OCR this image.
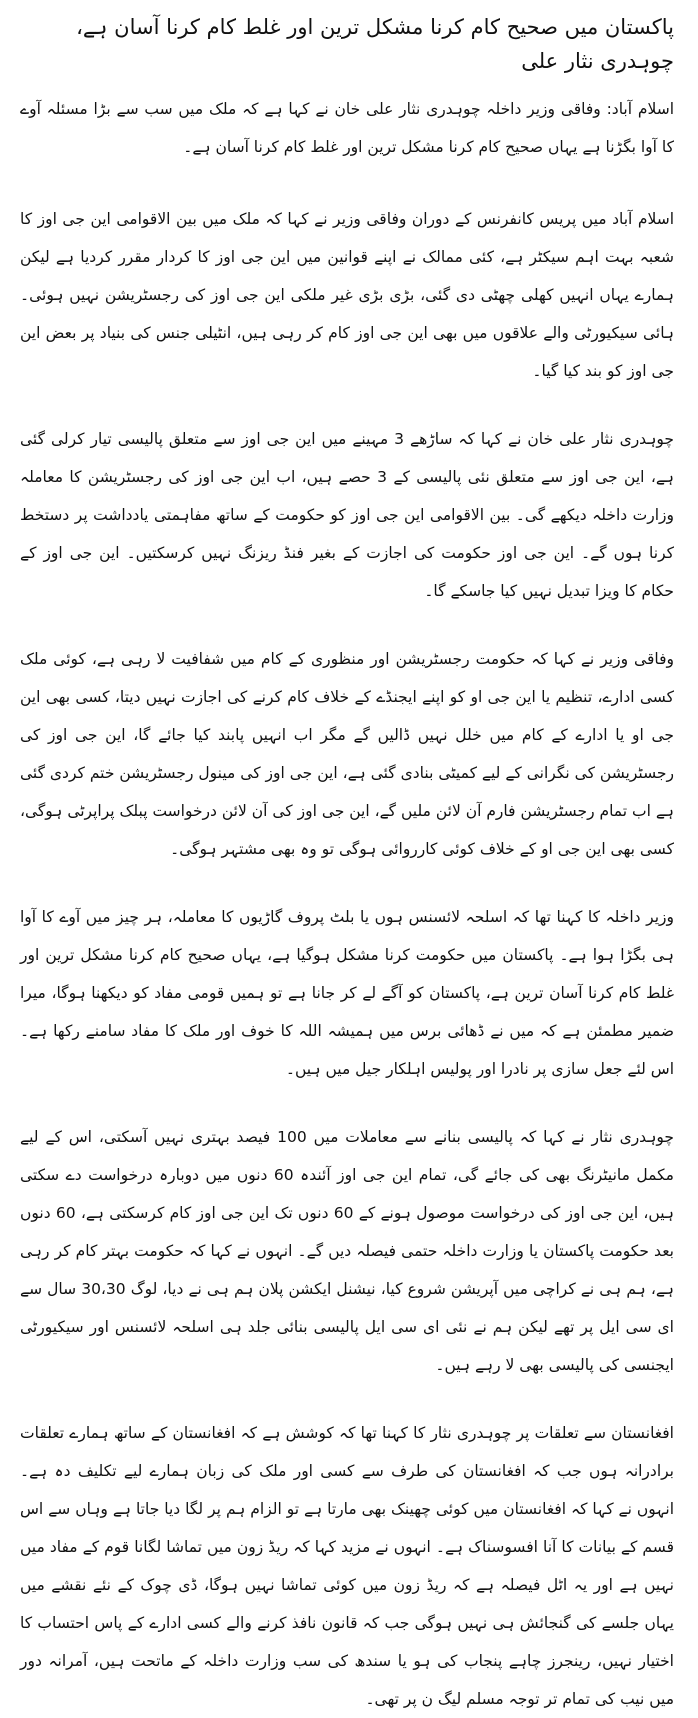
پاکستان میں صحیح کام کرنا مشکل ترین اور غلط کام کرنا آسان ہے، چوہدری نثار علی

اسلام آباد: وفاقی وزیر داخلہ چوہدری نثار علی خان نے کہا ہے کہ ملک میں سب سے بڑا مسئلہ آوے کا آوا بگڑنا ہے یہاں صحیح کام کرنا مشکل ترین اور غلط کام کرنا آسان ہے۔

اسلام آباد میں پریس کانفرنس کے دوران وفاقی وزیر نے کہا کہ ملک میں بین الاقوامی این جی اوز کا شعبہ بہت اہم سیکٹر ہے، کئی ممالک نے اپنے قوانین میں این جی اوز کا کردار مقرر کردیا ہے لیکن ہمارے یہاں انہیں کھلی چھٹی دی گئی، بڑی بڑی غیر ملکی این جی اوز کی رجسٹریشن نہیں ہوئی۔ ہائی سیکیورٹی والے علاقوں میں بھی این جی اوز کام کر رہی ہیں، انٹیلی جنس کی بنیاد پر بعض این جی اوز کو بند کیا گیا۔

چوہدری نثار علی خان نے کہا کہ ساڑھے 3 مہینے میں این جی اوز سے متعلق پالیسی تیار کرلی گئی ہے، این جی اوز سے متعلق نئی پالیسی کے 3 حصے ہیں، اب این جی اوز کی رجسٹریشن کا معاملہ وزارت داخلہ دیکھے گی۔ بین الاقوامی این جی اوز کو حکومت کے ساتھ مفاہمتی یادداشت پر دستخط کرنا ہوں گے۔ این جی اوز حکومت کی اجازت کے بغیر فنڈ ریزنگ نہیں کرسکتیں۔ این جی اوز کے حکام کا ویزا تبدیل نہیں کیا جاسکے گا۔

وفاقی وزیر نے کہا کہ حکومت رجسٹریشن اور منظوری کے کام میں شفافیت لا رہی ہے، کوئی ملک کسی ادارے، تنظیم یا این جی او کو اپنے ایجنڈے کے خلاف کام کرنے کی اجازت نہیں دیتا، کسی بھی این جی او یا ادارے کے کام میں خلل نہیں ڈالیں گے مگر اب انہیں پابند کیا جائے گا، این جی اوز کی رجسٹریشن کی نگرانی کے لیے کمیٹی بنادی گئی ہے، این جی اوز کی مینول رجسٹریشن ختم کردی گئی ہے اب تمام رجسٹریشن فارم آن لائن ملیں گے، این جی اوز کی آن لائن درخواست پبلک پراپرٹی ہوگی، کسی بھی این جی او کے خلاف کوئی کارروائی ہوگی تو وہ بھی مشتہر ہوگی۔

وزیر داخلہ کا کہنا تھا کہ اسلحہ لائسنس ہوں یا بلٹ پروف گاڑیوں کا معاملہ، ہر چیز میں آوے کا آوا ہی بگڑا ہوا ہے۔ پاکستان میں حکومت کرنا مشکل ہوگیا ہے، یہاں صحیح کام کرنا مشکل ترین اور غلط کام کرنا آسان ترین ہے، پاکستان کو آگے لے کر جانا ہے تو ہمیں قومی مفاد کو دیکھنا ہوگا، میرا ضمیر مطمئن ہے کہ میں نے ڈھائی برس میں ہمیشہ اللہ کا خوف اور ملک کا مفاد سامنے رکھا ہے۔ اس لئے جعل سازی پر نادرا اور پولیس اہلکار جیل میں ہیں۔

چوہدری نثار نے کہا کہ پالیسی بنانے سے معاملات میں 100 فیصد بہتری نہیں آسکتی، اس کے لیے مکمل مانیٹرنگ بھی کی جائے گی، تمام این جی اوز آئندہ 60 دنوں میں دوبارہ درخواست دے سکتی ہیں، این جی اوز کی درخواست موصول ہونے کے 60 دنوں تک این جی اوز کام کرسکتی ہے، 60 دنوں بعد حکومت پاکستان یا وزارت داخلہ حتمی فیصلہ دیں گے۔ انہوں نے کہا کہ حکومت بہتر کام کر رہی ہے، ہم ہی نے کراچی میں آپریشن شروع کیا، نیشنل ایکشن پلان ہم ہی نے دیا، لوگ 30،30 سال سے ای سی ایل پر تھے لیکن ہم نے نئی ای سی ایل پالیسی بنائی جلد ہی اسلحہ لائسنس اور سیکیورٹی ایجنسی کی پالیسی بھی لا رہے ہیں۔

افغانستان سے تعلقات پر چوہدری نثار کا کہنا تھا کہ کوشش ہے کہ افغانستان کے ساتھ ہمارے تعلقات برادرانہ ہوں جب کہ افغانستان کی طرف سے کسی اور ملک کی زبان ہمارے لیے تکلیف دہ ہے۔ انہوں نے کہا کہ افغانستان میں کوئی چھینک بھی مارتا ہے تو الزام ہم پر لگا دیا جاتا ہے وہاں سے اس قسم کے بیانات کا آنا افسوسناک ہے۔ انہوں نے مزید کہا کہ ریڈ زون میں تماشا لگانا قوم کے مفاد میں نہیں ہے اور یہ اٹل فیصلہ ہے کہ ریڈ زون میں کوئی تماشا نہیں ہوگا، ڈی چوک کے نئے نقشے میں یہاں جلسے کی گنجائش ہی نہیں ہوگی جب کہ قانون نافذ کرنے والے کسی ادارے کے پاس احتساب کا اختیار نہیں، رینجرز چاہے پنجاب کی ہو یا سندھ کی سب وزارت داخلہ کے ماتحت ہیں، آمرانہ دور میں نیب کی تمام تر توجہ مسلم لیگ ن پر تھی۔
